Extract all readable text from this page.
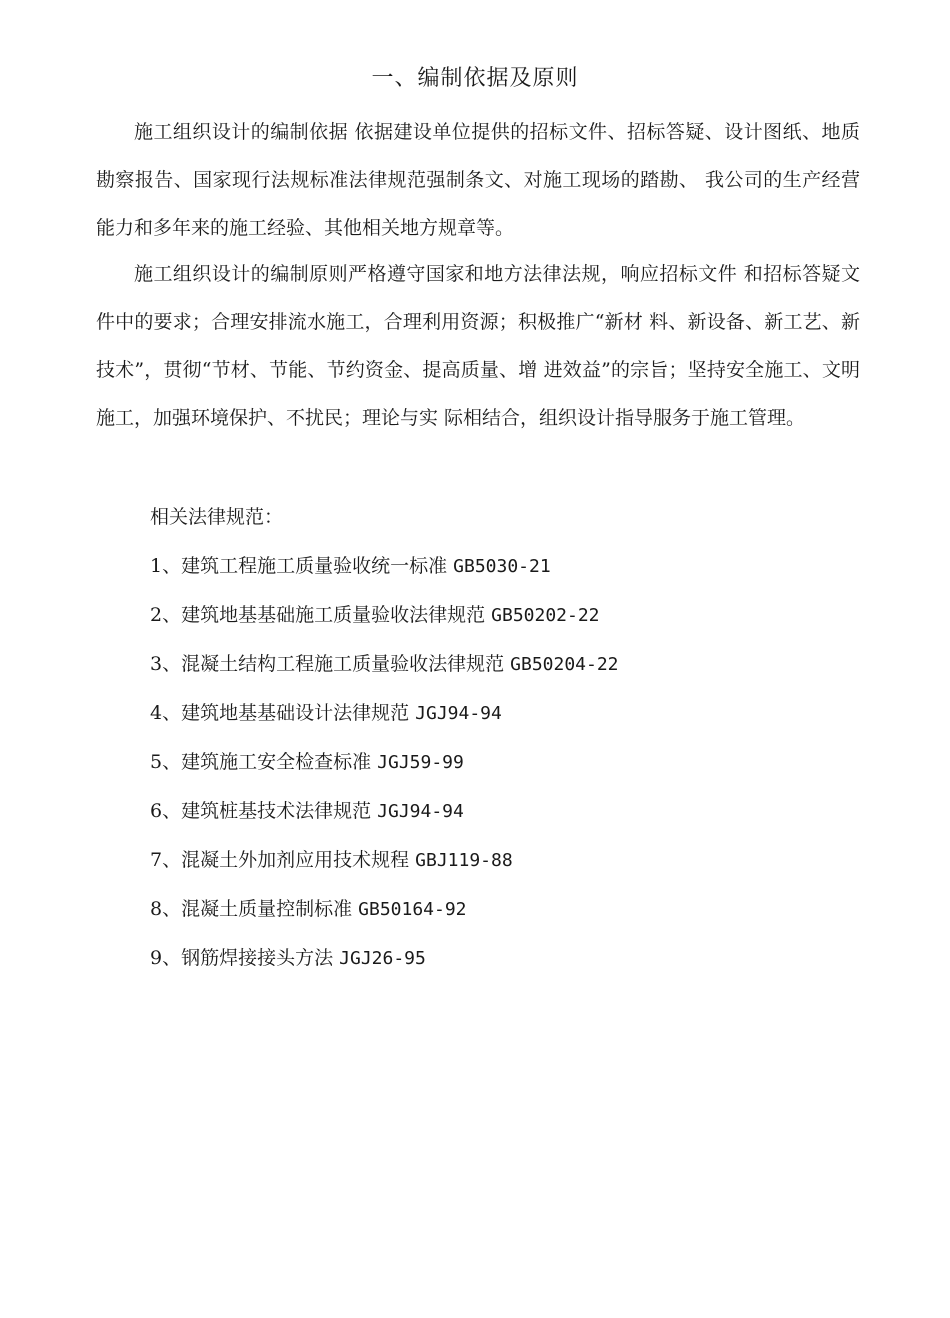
一、编制依据及原则

施工组织设计的编制依据 依据建设单位提供的招标文件、招标答疑、设计图纸、地质勘察报告、国家现行法规标准法律规范强制条文、对施工现场的踏勘、 我公司的生产经营能力和多年来的施工经验、其他相关地方规章等。

施工组织设计的编制原则严格遵守国家和地方法律法规，响应招标文件 和招标答疑文件中的要求；合理安排流水施工，合理利用资源；积极推广“新材 料、新设备、新工艺、新技术”，贯彻“节材、节能、节约资金、提高质量、增 进效益”的宗旨；坚持安全施工、文明施工，加强环境保护、不扰民；理论与实 际相结合，组织设计指导服务于施工管理。

相关法律规范：
1、建筑工程施工质量验收统一标准 GB5030-21
2、建筑地基基础施工质量验收法律规范 GB50202-22
3、混凝土结构工程施工质量验收法律规范 GB50204-22
4、建筑地基基础设计法律规范 JGJ94-94
5、建筑施工安全检查标准 JGJ59-99
6、建筑桩基技术法律规范 JGJ94-94
7、混凝土外加剂应用技术规程 GBJ119-88
8、混凝土质量控制标准 GB50164-92
9、钢筋焊接接头方法 JGJ26-95
